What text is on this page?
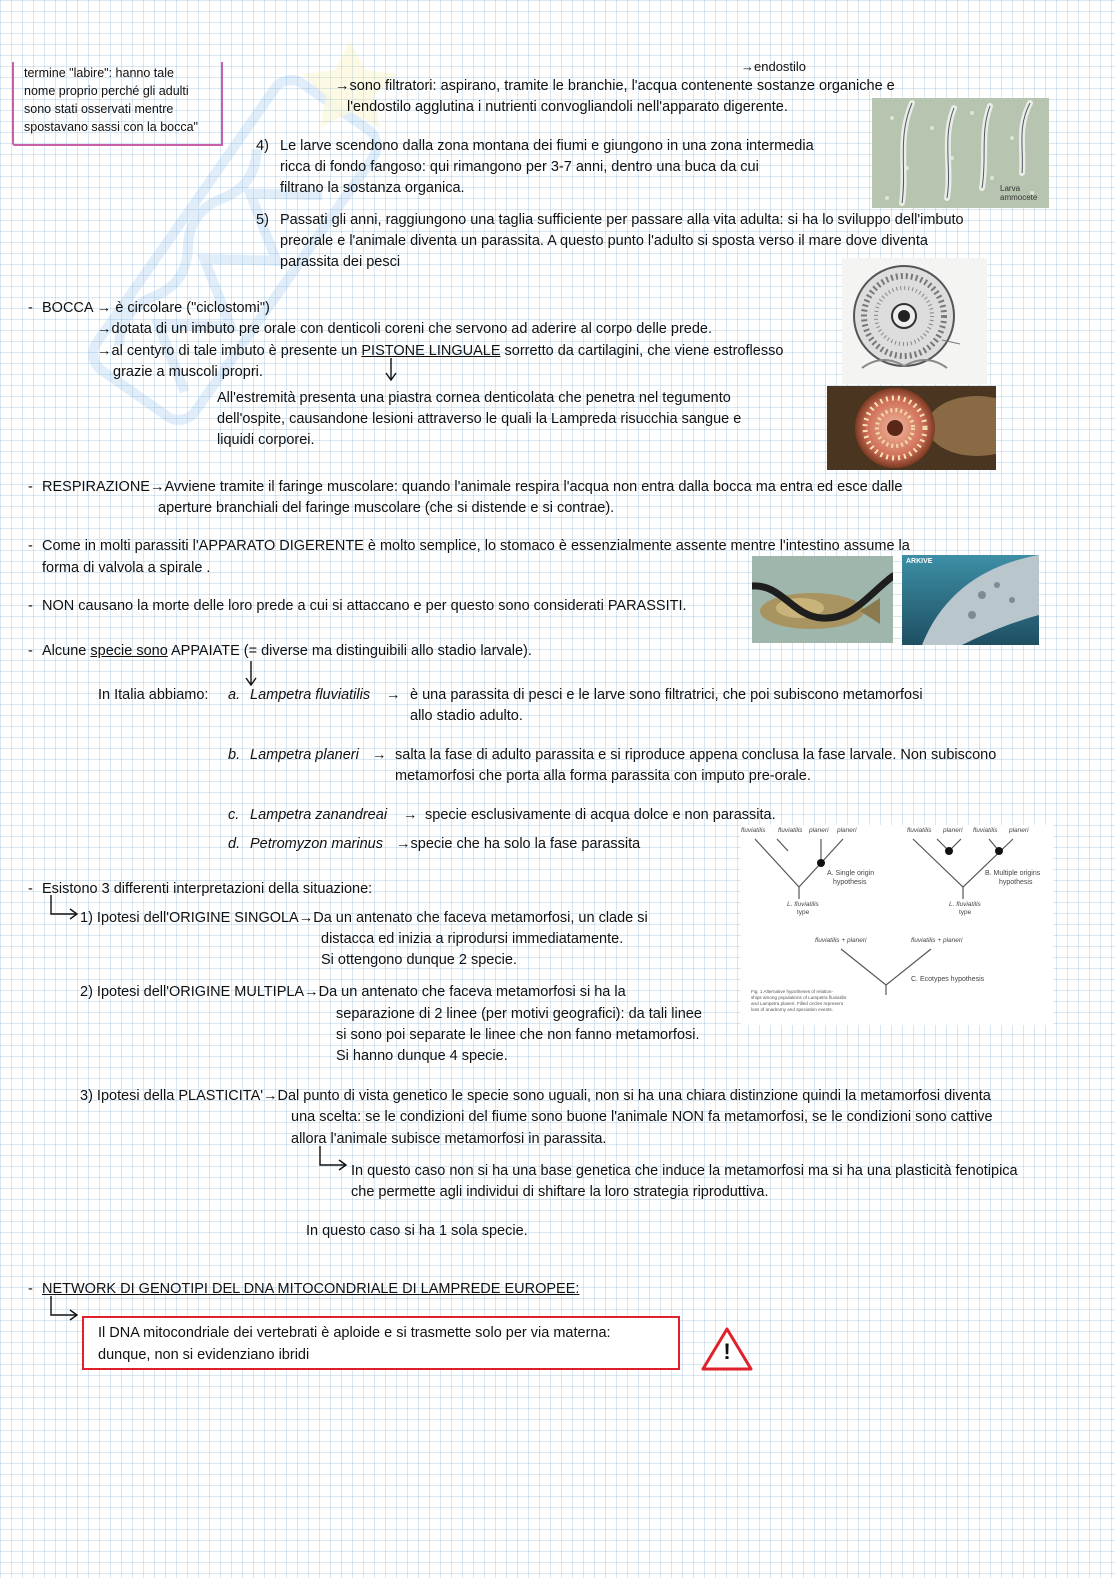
termine "labire": hanno tale
nome proprio perché gli adulti
sono stati osservati mentre
spostavano sassi con la bocca"
→endostilo
→sono filtratori: aspirano, tramite le branchie, l'acqua contenente sostanze organiche e
l'endostilo agglutina i nutrienti convogliandoli nell'apparato digerente.
4) Le larve scendono dalla zona montana dei fiumi e giungono in una zona intermedia
ricca di fondo fangoso: qui rimangono per 3-7 anni, dentro una buca da cui
filtrano la sostanza organica.	Larva ammocete
5) Passati gli anni, raggiungono una taglia sufficiente per passare alla vita adulta: si ha lo sviluppo dell'imbuto
preorale e l'animale diventa un parassita. A questo punto l'adulto si sposta verso il mare dove diventa
parassita dei pesci
- BOCCA → è circolare ("ciclostomi")
→dotata di un imbuto pre orale con denticoli coreni che servono ad aderire al corpo delle prede.
→al centyro di tale imbuto è presente un PISTONE LINGUALE sorretto da cartilagini, che viene estroflesso
grazie a muscoli propri.
All'estremità presenta una piastra cornea denticolata che penetra nel tegumento
dell'ospite, causandone lesioni attraverso le quali la Lampreda risucchia sangue e
liquidi corporei.
- RESPIRAZIONE→Avviene tramite il faringe muscolare: quando l'animale respira l'acqua non entra dalla bocca ma entra ed esce dalle
aperture branchiali del faringe muscolare (che si distende e si contrae).
- Come in molti parassiti l'APPARATO DIGERENTE è molto semplice, lo stomaco è essenzialmente assente mentre l'intestino assume la
forma di valvola a spirale .	ARKIVE
- NON causano la morte delle loro prede a cui si attaccano e per questo sono considerati PARASSITI.
- Alcune specie sono APPAIATE (= diverse ma distinguibili allo stadio larvale).
In Italia abbiamo: a. Lampetra fluviatilis → è una parassita di pesci e le larve sono filtratrici, che poi subiscono metamorfosi
allo stadio adulto.
b. Lampetra planeri → salta la fase di adulto parassita e si riproduce appena conclusa la fase larvale. Non subiscono
metamorfosi che porta alla forma parassita con imputo pre-orale.
c. Lampetra zanandreai → specie esclusivamente di acqua dolce e non parassita.
d. Petromyzon marinus →specie che ha solo la fase parassita
fluviatilis fluviatilis planeri planeri
A. Single origin
hypothesis
L. fluviatilis
type
fluviatilis planeri fluviatilis planeri
B. Multiple origins
hypothesis
L. fluviatilis
type
fluviatilis + planeri	fluviatilis + planeri
C. Ecotypes hypothesis
Fig. 1 Alternative hypotheses of relation-
ships among populations of Lampetra fluviatilis
and Lampetra planeri. Filled circles represent
loss of anadromy and speciation events.
- Esistono 3 differenti interpretazioni della situazione:
1) Ipotesi dell'ORIGINE SINGOLA→Da un antenato che faceva metamorfosi, un clade si
distacca ed inizia a riprodursi immediatamente.
Si ottengono dunque 2 specie.
2) Ipotesi dell'ORIGINE MULTIPLA→Da un antenato che faceva metamorfosi si ha la
separazione di 2 linee (per motivi geografici): da tali linee
si sono poi separate le linee che non fanno metamorfosi.
Si hanno dunque 4 specie.
3) Ipotesi della PLASTICITA'→Dal punto di vista genetico le specie sono uguali, non si ha una chiara distinzione quindi la metamorfosi diventa
una scelta: se le condizioni del fiume sono buone l'animale NON fa metamorfosi, se le condizioni sono cattive
allora l'animale subisce metamorfosi in parassita.
In questo caso non si ha una base genetica che induce la metamorfosi ma si ha una plasticità fenotipica
che permette agli individui di shiftare la loro strategia riproduttiva.
In questo caso si ha 1 sola specie.
- NETWORK DI GENOTIPI DEL DNA MITOCONDRIALE DI LAMPREDE EUROPEE:
Il DNA mitocondriale dei vertebrati è aploide e si trasmette solo per via materna:
dunque, non si evidenziano ibridi	!
